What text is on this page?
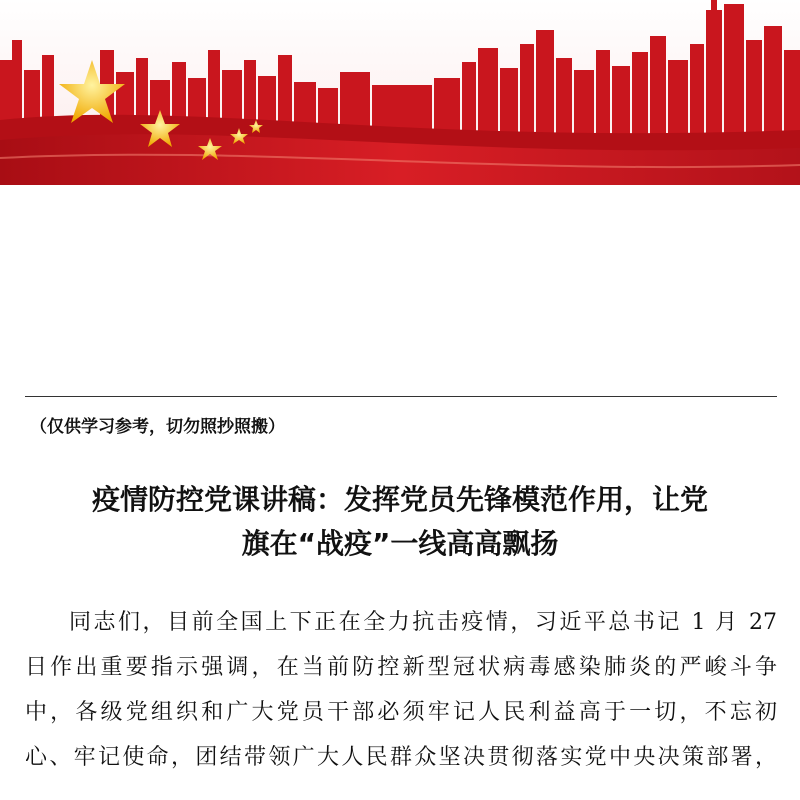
（仅供学习参考，切勿照抄照搬）
疫情防控党课讲稿：发挥党员先锋模范作用，让党
旗在“战疫”一线高高飘扬
同志们，目前全国上下正在全力抗击疫情，习近平总书记 1 月 27
日作出重要指示强调，在当前防控新型冠状病毒感染肺炎的严峻斗争
中，各级党组织和广大党员干部必须牢记人民利益高于一切，不忘初
心、牢记使命，团结带领广大人民群众坚决贯彻落实党中央决策部署，
